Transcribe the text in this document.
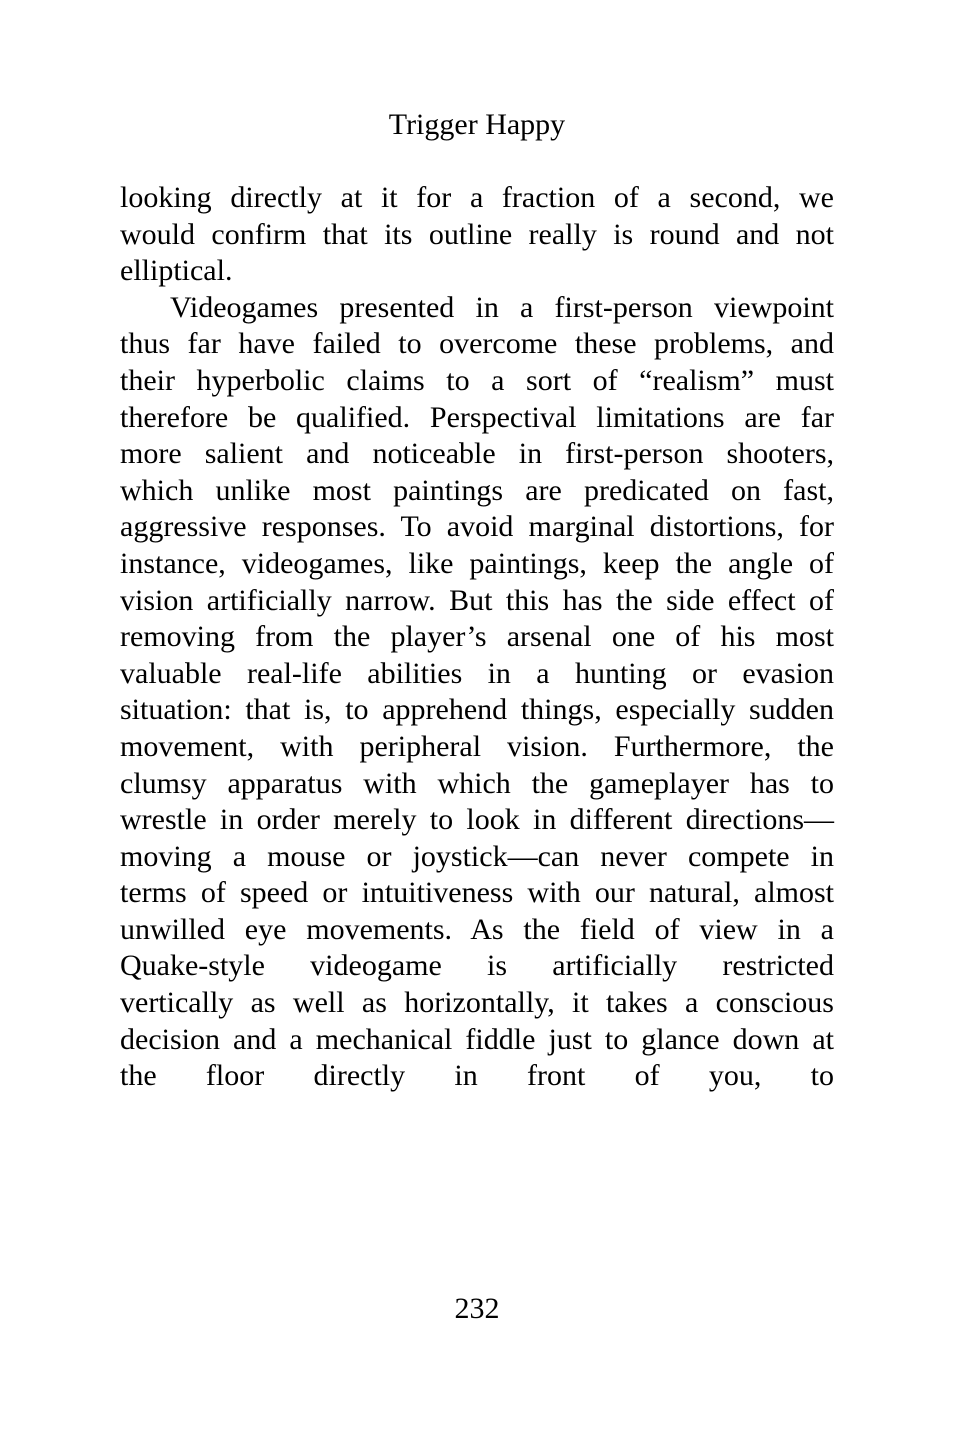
Trigger Happy
looking directly at it for a fraction of a second, we
would confirm that its outline really is round and not
elliptical.
Videogames presented in a first-person viewpoint
thus far have failed to overcome these problems, and
their hyperbolic claims to a sort of “realism” must
therefore be qualified. Perspectival limitations are far
more salient and noticeable in first-person shooters,
which unlike most paintings are predicated on fast,
aggressive responses. To avoid marginal distortions, for
instance, videogames, like paintings, keep the angle of
vision artificially narrow. But this has the side effect of
removing from the player’s arsenal one of his most
valuable real-life abilities in a hunting or evasion
situation: that is, to apprehend things, especially sudden
movement, with peripheral vision. Furthermore, the
clumsy apparatus with which the gameplayer has to
wrestle in order merely to look in different directions—
moving a mouse or joystick—can never compete in
terms of speed or intuitiveness with our natural, almost
unwilled eye movements. As the field of view in a
Quake-style videogame is artificially restricted
vertically as well as horizontally, it takes a conscious
decision and a mechanical fiddle just to glance down at
the floor directly in front of you, to
232
